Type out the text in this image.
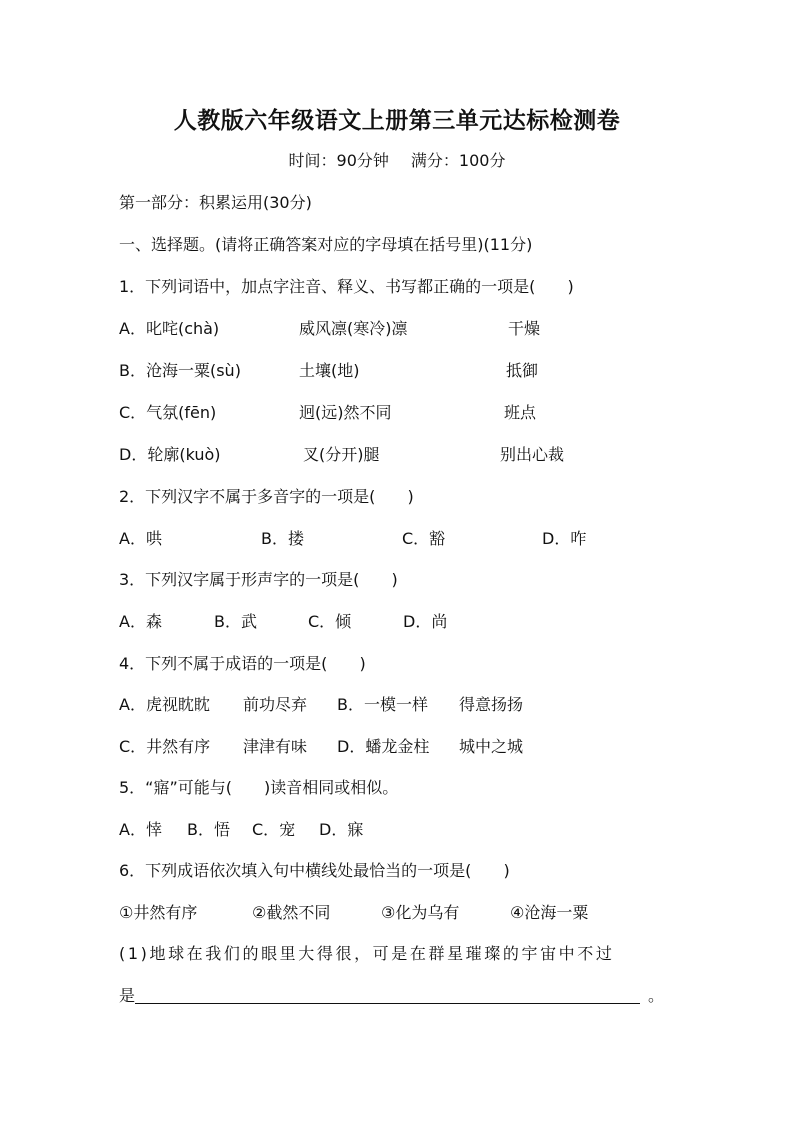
人教版六年级语文上册第三单元达标检测卷
时间：90分钟 满分：100分
第一部分：积累运用(30分)
一、选择题。(请将正确答案对应的字母填在括号里)(11分)
1．下列词语中，加点字注音、释义、书写都正确的一项是( )
A．叱咤(chà)	威风凛(寒冷)凛	干燥
B．沧海一粟(sù)	土壤(地)	抵御
C．气氛(fēn)	迥(远)然不同	班点
D．轮廓(kuò)	叉(分开)腿	别出心裁
2．下列汉字不属于多音字的一项是( )
A．哄	B．搂	C．豁	D．咋
3．下列汉字属于形声字的一项是( )
A．森	B．武	C．倾	D．尚
4．下列不属于成语的一项是( )
A．虎视眈眈 前功尽弃 B．一模一样 得意扬扬
C．井然有序 津津有味 D．蟠龙金柱 城中之城
5．“寤”可能与( )读音相同或相似。
A．悻 B．悟 C．宠 D．寐
6．下列成语依次填入句中横线处最恰当的一项是( )
①井然有序	②截然不同	③化为乌有	④沧海一粟
(1)地球在我们的眼里大得很，可是在群星璀璨的宇宙中不过
是	。
